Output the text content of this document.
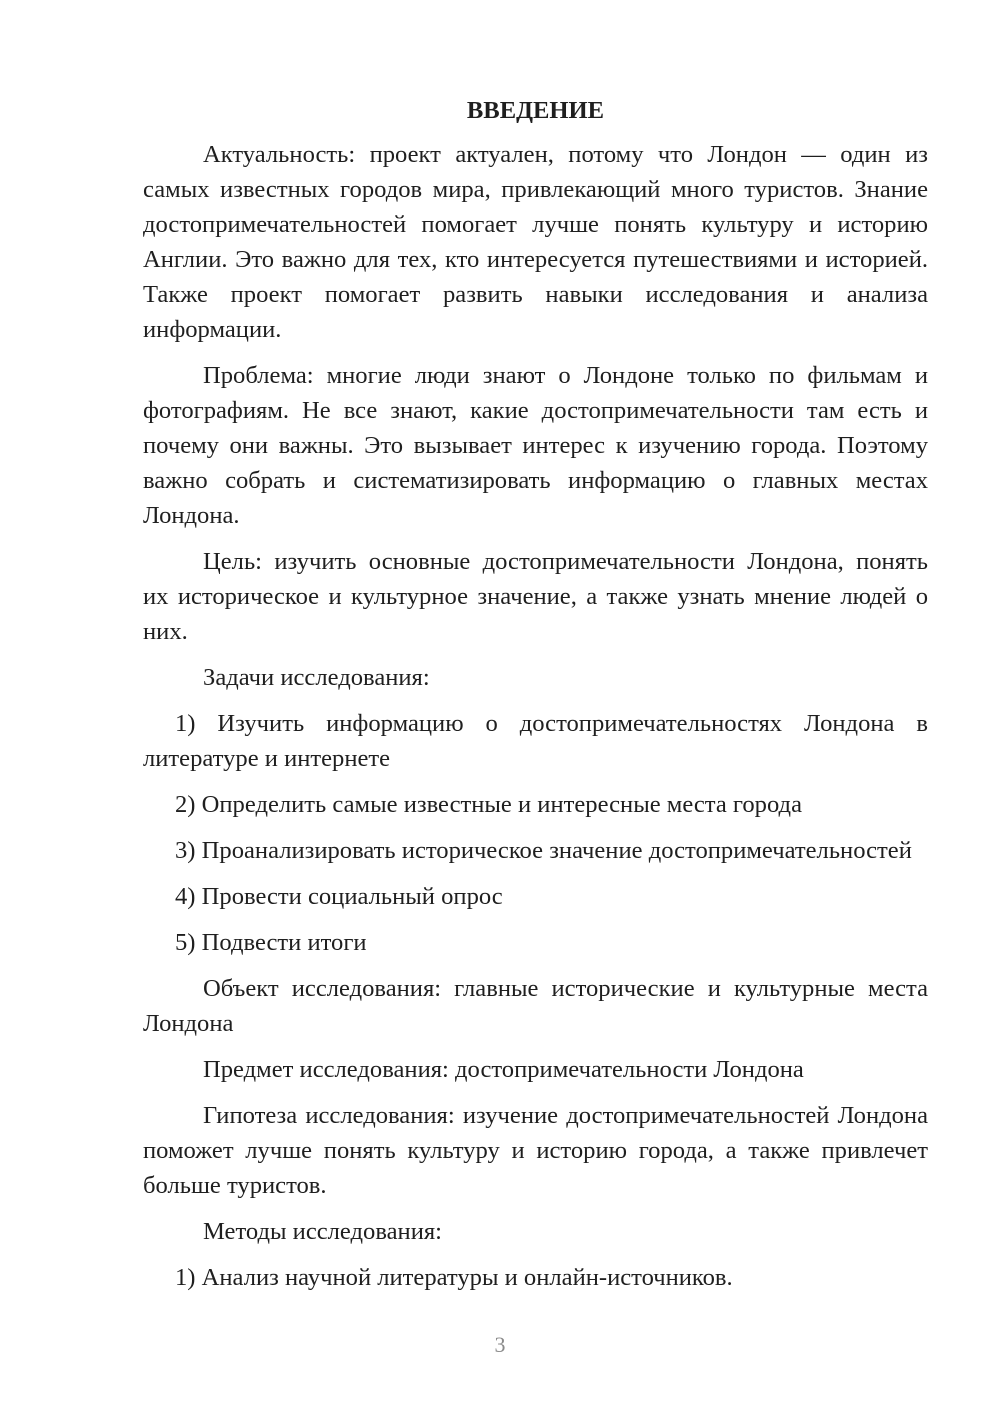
ВВЕДЕНИЕ

Актуальность: проект актуален, потому что Лондон — один из самых известных городов мира, привлекающий много туристов. Знание достопримечательностей помогает лучше понять культуру и историю Англии. Это важно для тех, кто интересуется путешествиями и историей. Также проект помогает развить навыки исследования и анализа информации.

Проблема: многие люди знают о Лондоне только по фильмам и фотографиям. Не все знают, какие достопримечательности там есть и почему они важны. Это вызывает интерес к изучению города. Поэтому важно собрать и систематизировать информацию о главных местах Лондона.

Цель: изучить основные достопримечательности Лондона, понять их историческое и культурное значение, а также узнать мнение людей о них.

Задачи исследования:

1) Изучить информацию о достопримечательностях Лондона в литературе и интернете

2) Определить самые известные и интересные места города

3) Проанализировать историческое значение достопримечательностей

4) Провести социальный опрос

5) Подвести итоги

Объект исследования: главные исторические и культурные места Лондона

Предмет исследования: достопримечательности Лондона

Гипотеза исследования: изучение достопримечательностей Лондона поможет лучше понять культуру и историю города, а также привлечет больше туристов.

Методы исследования:

1) Анализ научной литературы и онлайн-источников.

3
